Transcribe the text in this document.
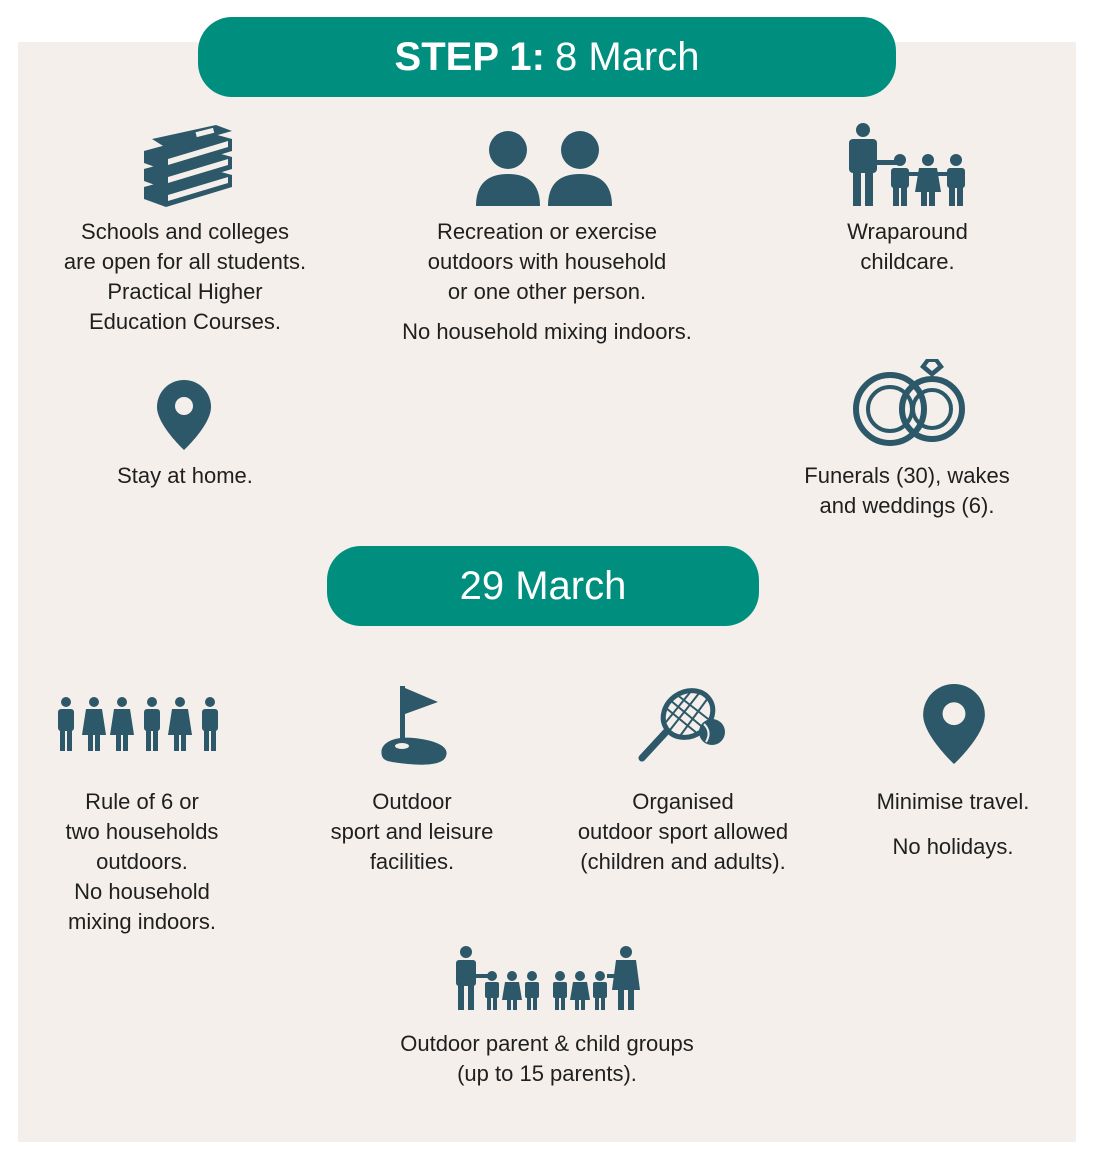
STEP 1: 8 March

Schools and colleges

are open for all students.

Practical Higher

Education Courses.

Recreation or exercise

outdoors with household

or one other person.

No household mixing indoors.

Wraparound

childcare.

Stay at home.	Funerals (30), wakes

and weddings (6).

29 March

Rule of 6 or

two households

outdoors.

No household

mixing indoors.

Outdoor

sport and leisure

facilities.

Organised

outdoor sport allowed

(children and adults).

Minimise travel.

No holidays.

Outdoor parent & child groups

(up to 15 parents).
